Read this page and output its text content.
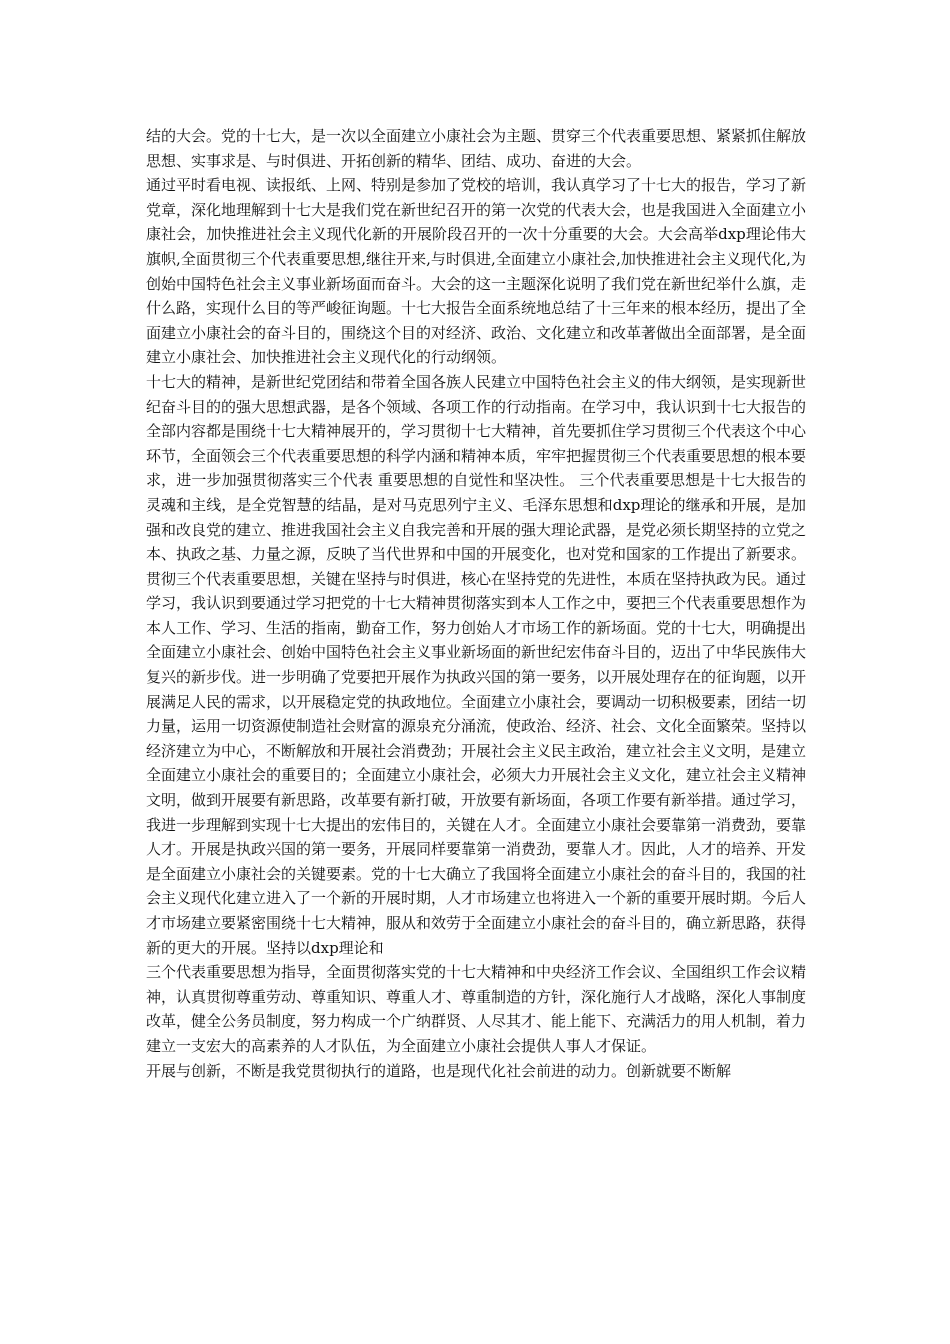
结的大会。党的十七大，是一次以全面建立小康社会为主题、贯穿三个代表重要思想、紧紧抓住解放思想、实事求是、与时俱进、开拓创新的精华、团结、成功、奋进的大会。

通过平时看电视、读报纸、上网、特别是参加了党校的培训，我认真学习了十七大的报告，学习了新党章，深化地理解到十七大是我们党在新世纪召开的第一次党的代表大会，也是我国进入全面建立小康社会，加快推进社会主义现代化新的开展阶段召开的一次十分重要的大会。大会高举dxp理论伟大旗帜,全面贯彻三个代表重要思想,继往开来,与时俱进,全面建立小康社会,加快推进社会主义现代化,为创始中国特色社会主义事业新场面而奋斗。大会的这一主题深化说明了我们党在新世纪举什么旗，走什么路，实现什么目的等严峻征询题。十七大报告全面系统地总结了十三年来的根本经历，提出了全面建立小康社会的奋斗目的，围绕这个目的对经济、政治、文化建立和改革著做出全面部署，是全面建立小康社会、加快推进社会主义现代化的行动纲领。

十七大的精神，是新世纪党团结和带着全国各族人民建立中国特色社会主义的伟大纲领，是实现新世纪奋斗目的的强大思想武器，是各个领域、各项工作的行动指南。在学习中，我认识到十七大报告的全部内容都是围绕十七大精神展开的，学习贯彻十七大精神，首先要抓住学习贯彻三个代表这个中心环节，全面领会三个代表重要思想的科学内涵和精神本质，牢牢把握贯彻三个代表重要思想的根本要求，进一步加强贯彻落实三个代表 重要思想的自觉性和坚决性。 三个代表重要思想是十七大报告的灵魂和主线，是全党智慧的结晶，是对马克思列宁主义、毛泽东思想和dxp理论的继承和开展，是加强和改良党的建立、推进我国社会主义自我完善和开展的强大理论武器，是党必须长期坚持的立党之本、执政之基、力量之源，反映了当代世界和中国的开展变化，也对党和国家的工作提出了新要求。贯彻三个代表重要思想，关键在坚持与时俱进，核心在坚持党的先进性，本质在坚持执政为民。通过学习，我认识到要通过学习把党的十七大精神贯彻落实到本人工作之中，要把三个代表重要思想作为本人工作、学习、生活的指南，勤奋工作，努力创始人才市场工作的新场面。党的十七大，明确提出全面建立小康社会、创始中国特色社会主义事业新场面的新世纪宏伟奋斗目的，迈出了中华民族伟大复兴的新步伐。进一步明确了党要把开展作为执政兴国的第一要务，以开展处理存在的征询题，以开展满足人民的需求，以开展稳定党的执政地位。全面建立小康社会，要调动一切积极要素，团结一切力量，运用一切资源使制造社会财富的源泉充分涌流，使政治、经济、社会、文化全面繁荣。坚持以经济建立为中心，不断解放和开展社会消费劲；开展社会主义民主政治，建立社会主义文明，是建立全面建立小康社会的重要目的；全面建立小康社会，必须大力开展社会主义文化，建立社会主义精神文明，做到开展要有新思路，改革要有新打破，开放要有新场面，各项工作要有新举措。通过学习，我进一步理解到实现十七大提出的宏伟目的，关键在人才。全面建立小康社会要靠第一消费劲，要靠人才。开展是执政兴国的第一要务，开展同样要靠第一消费劲，要靠人才。因此，人才的培养、开发是全面建立小康社会的关键要素。党的十七大确立了我国将全面建立小康社会的奋斗目的，我国的社会主义现代化建立进入了一个新的开展时期，人才市场建立也将进入一个新的重要开展时期。今后人才市场建立要紧密围绕十七大精神，服从和效劳于全面建立小康社会的奋斗目的，确立新思路，获得新的更大的开展。坚持以dxp理论和

三个代表重要思想为指导，全面贯彻落实党的十七大精神和中央经济工作会议、全国组织工作会议精神，认真贯彻尊重劳动、尊重知识、尊重人才、尊重制造的方针，深化施行人才战略，深化人事制度改革，健全公务员制度，努力构成一个广纳群贤、人尽其才、能上能下、充满活力的用人机制，着力建立一支宏大的高素养的人才队伍，为全面建立小康社会提供人事人才保证。

开展与创新，不断是我党贯彻执行的道路，也是现代化社会前进的动力。创新就要不断解
